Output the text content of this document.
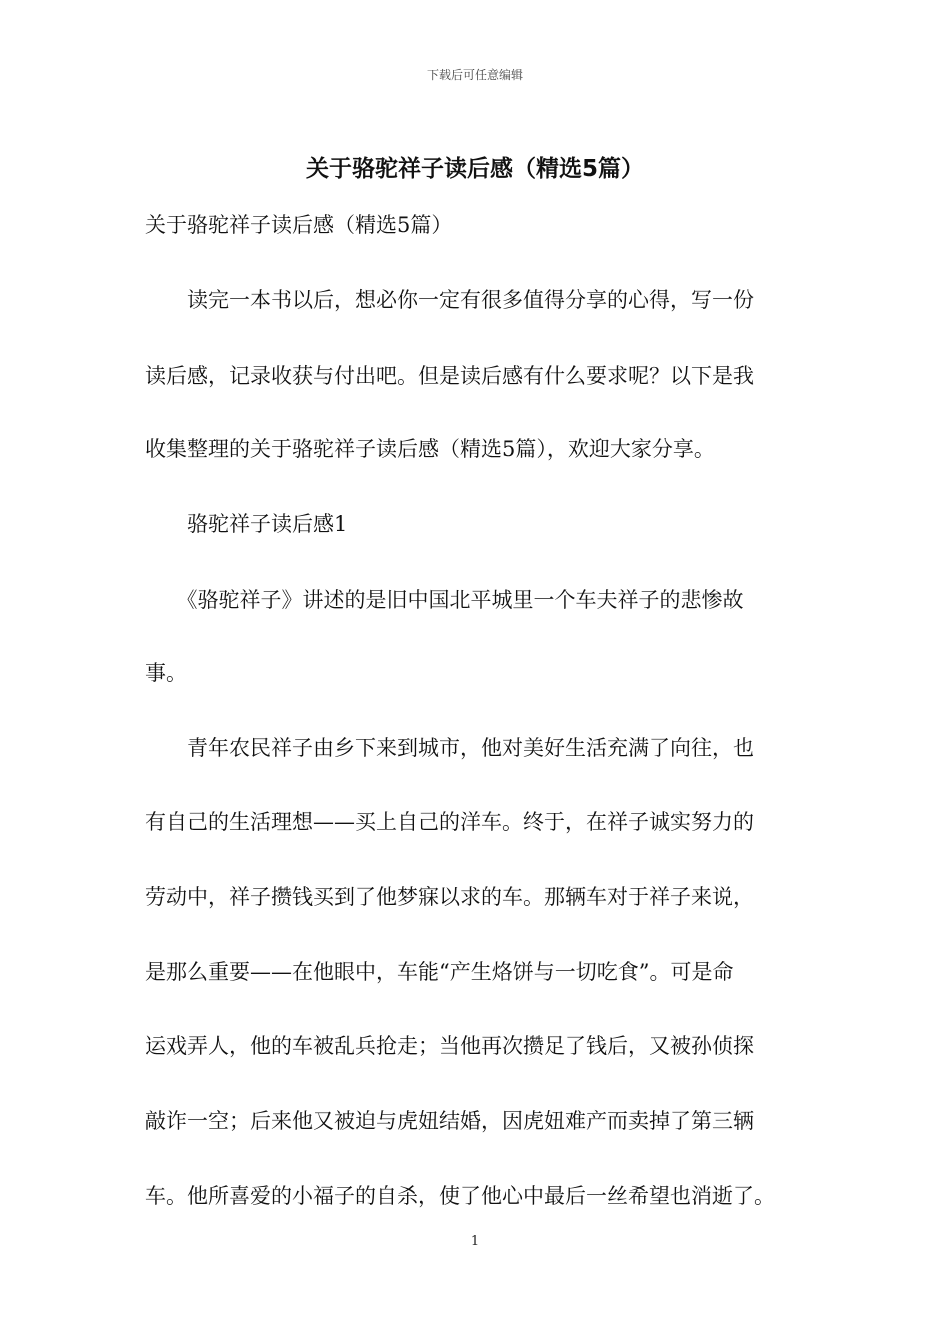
下载后可任意编辑
关于骆驼祥子读后感（精选5篇）
关于骆驼祥子读后感（精选5篇）
　　读完一本书以后，想必你一定有很多值得分享的心得，写一份
读后感，记录收获与付出吧。但是读后感有什么要求呢？以下是我
收集整理的关于骆驼祥子读后感（精选5篇），欢迎大家分享。
　　骆驼祥子读后感1
　　《骆驼祥子》讲述的是旧中国北平城里一个车夫祥子的悲惨故
事。
　　青年农民祥子由乡下来到城市，他对美好生活充满了向往，也
有自己的生活理想——买上自己的洋车。终于，在祥子诚实努力的
劳动中，祥子攒钱买到了他梦寐以求的车。那辆车对于祥子来说，
是那么重要——在他眼中，车能“产生烙饼与一切吃食”。可是命
运戏弄人，他的车被乱兵抢走；当他再次攒足了钱后，又被孙侦探
敲诈一空；后来他又被迫与虎妞结婚，因虎妞难产而卖掉了第三辆
车。他所喜爱的小福子的自杀，使了他心中最后一丝希望也消逝了。
1
